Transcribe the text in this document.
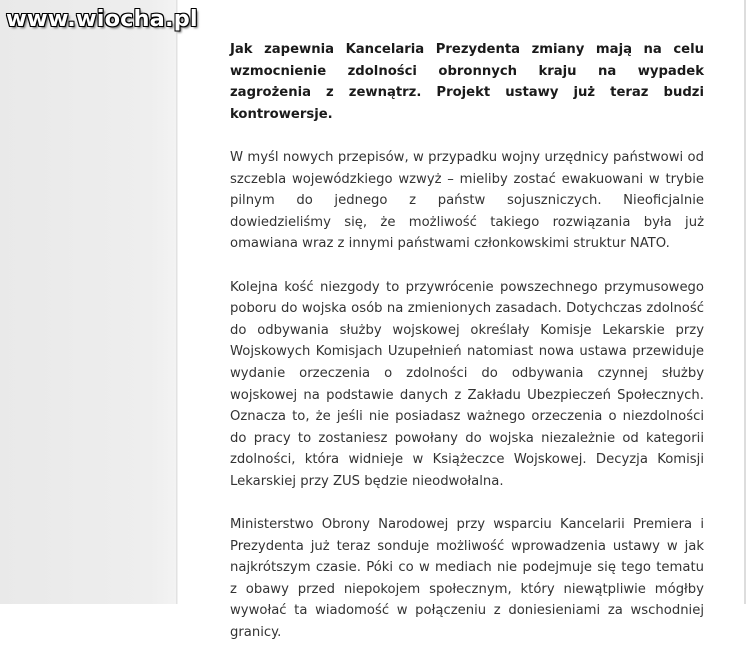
www.wiocha.pl

Jak zapewnia Kancelaria Prezydenta zmiany mają na celu wzmocnienie zdolności obronnych kraju na wypadek zagrożenia z zewnątrz. Projekt ustawy już teraz budzi kontrowersje.

W myśl nowych przepisów, w przypadku wojny urzędnicy państwowi od szczebla wojewódzkiego wzwyż – mieliby zostać ewakuowani w trybie pilnym do jednego z państw sojuszniczych. Nieoficjalnie dowiedzieliśmy się, że możliwość takiego rozwiązania była już omawiana wraz z innymi państwami członkowskimi struktur NATO.

Kolejna kość niezgody to przywrócenie powszechnego przymusowego poboru do wojska osób na zmienionych zasadach. Dotychczas zdolność do odbywania służby wojskowej określały Komisje Lekarskie przy Wojskowych Komisjach Uzupełnień natomiast nowa ustawa przewiduje wydanie orzeczenia o zdolności do odbywania czynnej służby wojskowej na podstawie danych z Zakładu Ubezpieczeń Społecznych. Oznacza to, że jeśli nie posiadasz ważnego orzeczenia o niezdolności do pracy to zostaniesz powołany do wojska niezależnie od kategorii zdolności, która widnieje w Książeczce Wojskowej. Decyzja Komisji Lekarskiej przy ZUS będzie nieodwołalna.

Ministerstwo Obrony Narodowej przy wsparciu Kancelarii Premiera i Prezydenta już teraz sonduje możliwość wprowadzenia ustawy w jak najkrótszym czasie. Póki co w mediach nie podejmuje się tego tematu z obawy przed niepokojem społecznym, który niewątpliwie mógłby wywołać ta wiadomość w połączeniu z doniesieniami za wschodniej granicy.
